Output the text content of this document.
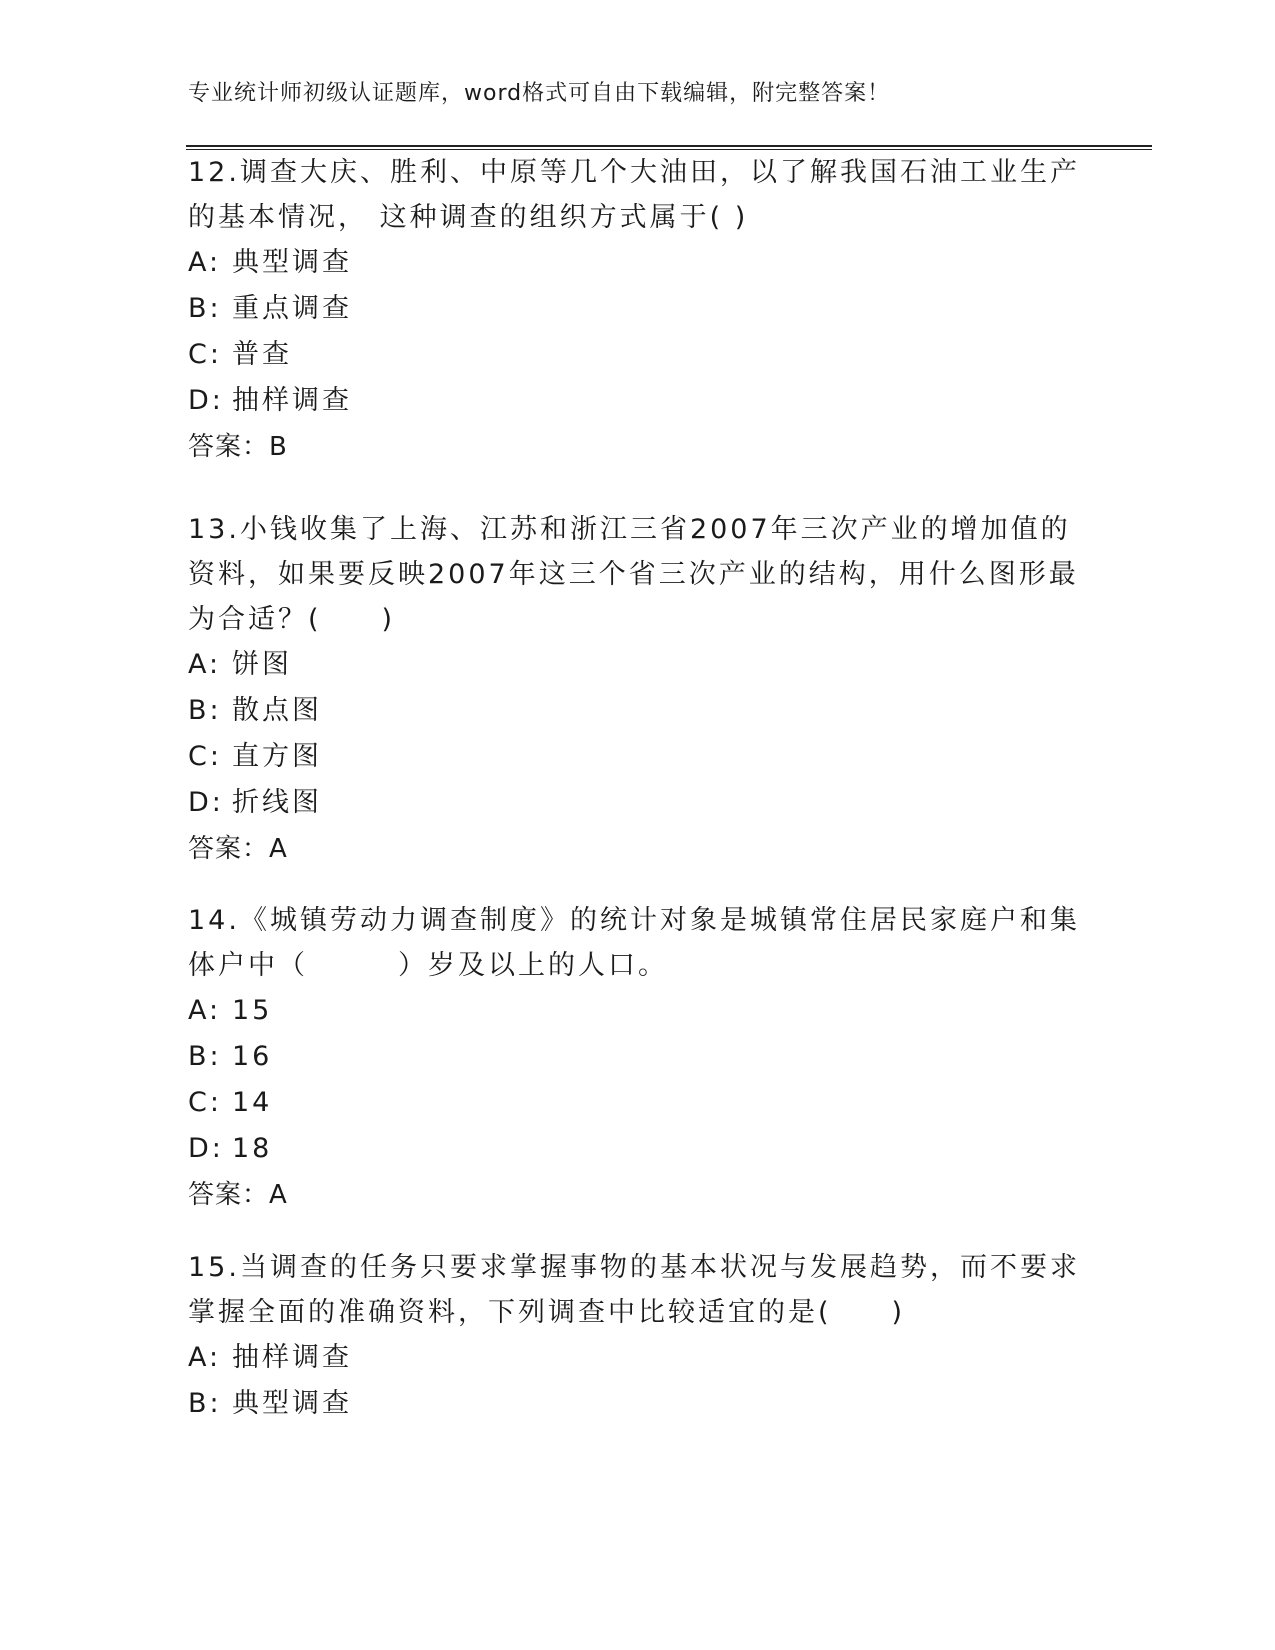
专业统计师初级认证题库，word格式可自由下载编辑，附完整答案！

12.调查大庆、胜利、中原等几个大油田，以了解我国石油工业生产的基本情况， 这种调查的组织方式属于( )

A: 典型调查
B: 重点调查
C: 普查
D: 抽样调查
答案：B

13.小钱收集了上海、江苏和浙江三省2007年三次产业的增加值的资料，如果要反映2007年这三个省三次产业的结构，用什么图形最为合适？(　　)

A: 饼图
B: 散点图
C: 直方图
D: 折线图
答案：A

14.《城镇劳动力调查制度》的统计对象是城镇常住居民家庭户和集体户中（　　　）岁及以上的人口。

A: 15
B: 16
C: 14
D: 18
答案：A

15.当调查的任务只要求掌握事物的基本状况与发展趋势，而不要求掌握全面的准确资料，下列调查中比较适宜的是(　　)

A: 抽样调查
B: 典型调查
